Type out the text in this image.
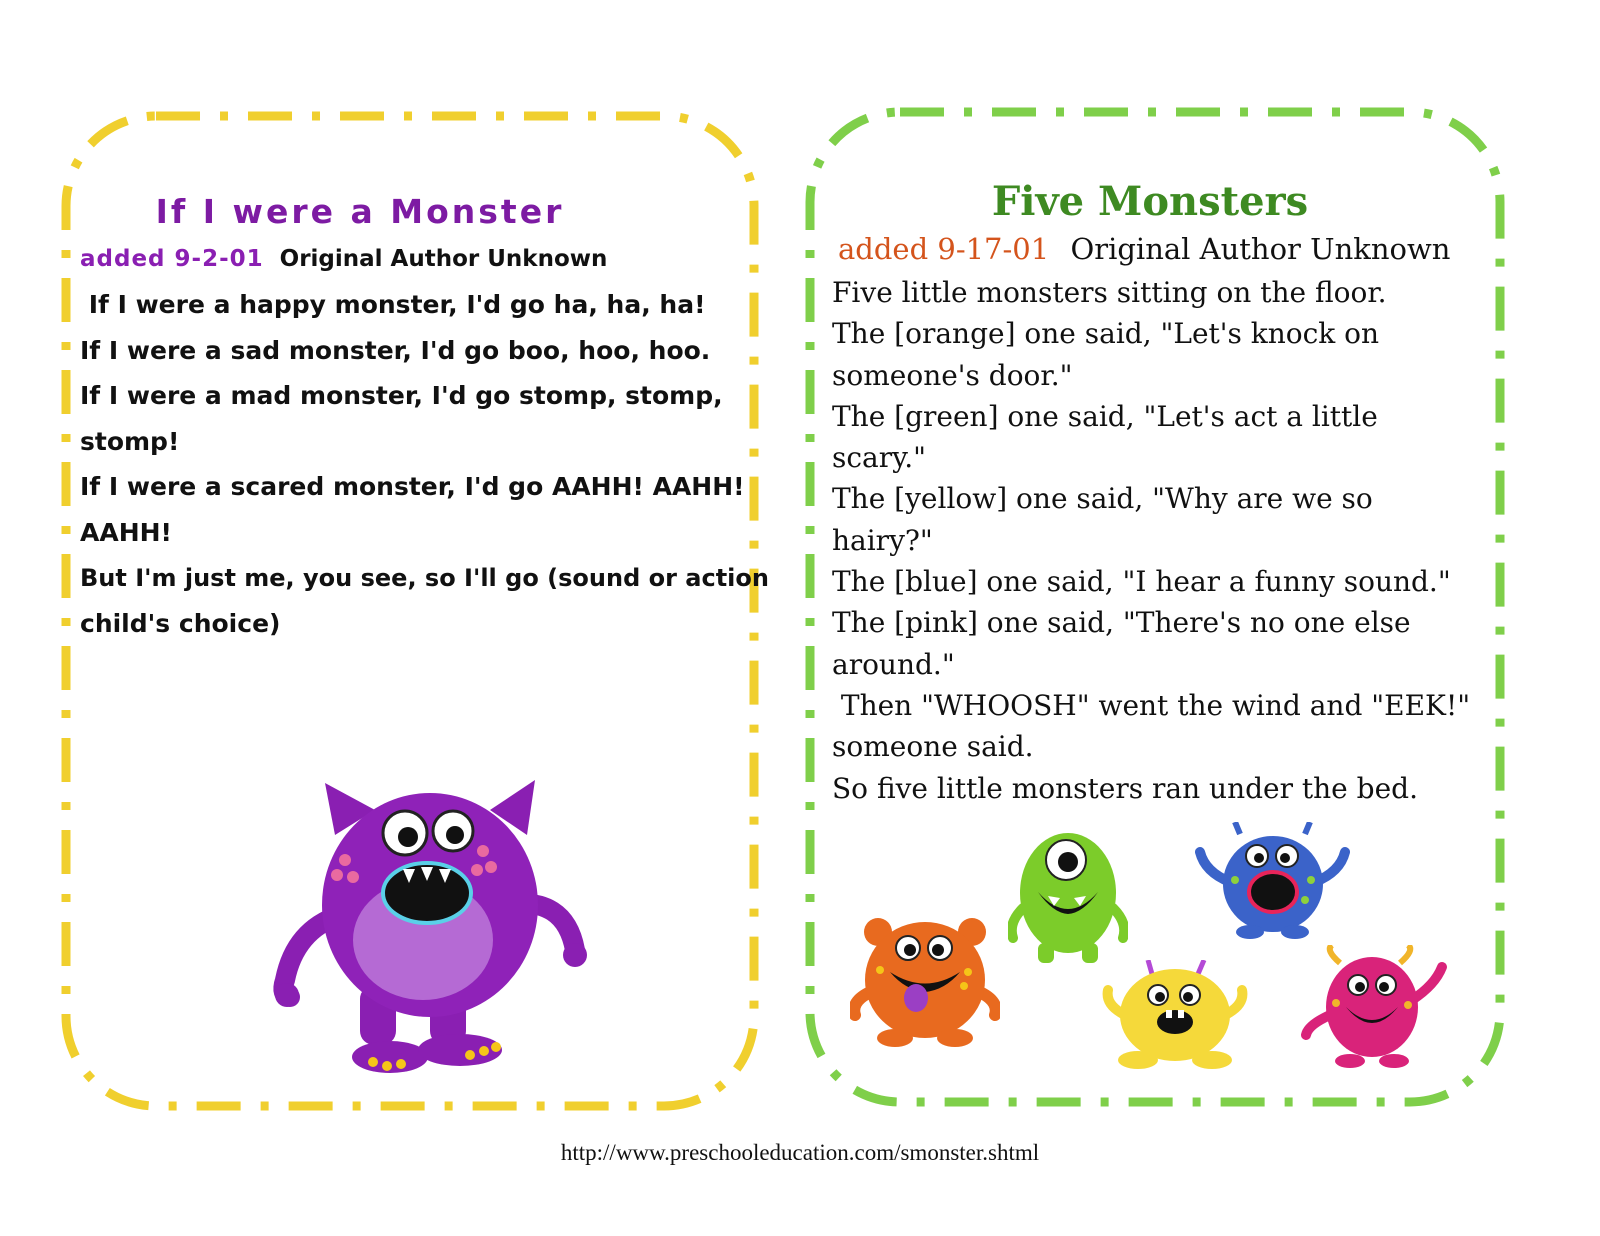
If I were a Monster
added 9-2-01 Original Author Unknown
If I were a happy monster, I'd go ha, ha, ha!
If I were a sad monster, I'd go boo, hoo, hoo.
If I were a mad monster, I'd go stomp, stomp,
stomp!
If I were a scared monster, I'd go AAHH! AAHH!
AAHH!
But I'm just me, you see, so I'll go (sound or action
child's choice)
Five Monsters
added 9-17-01 Original Author Unknown
Five little monsters sitting on the floor.
The [orange] one said, "Let's knock on
someone's door."
The [green] one said, "Let's act a little
scary."
The [yellow] one said, "Why are we so
hairy?"
The [blue] one said, "I hear a funny sound."
The [pink] one said, "There's no one else
around."
Then "WHOOSH" went the wind and "EEK!"
someone said.
So five little monsters ran under the bed.
http://www.preschooleducation.com/smonster.shtml
